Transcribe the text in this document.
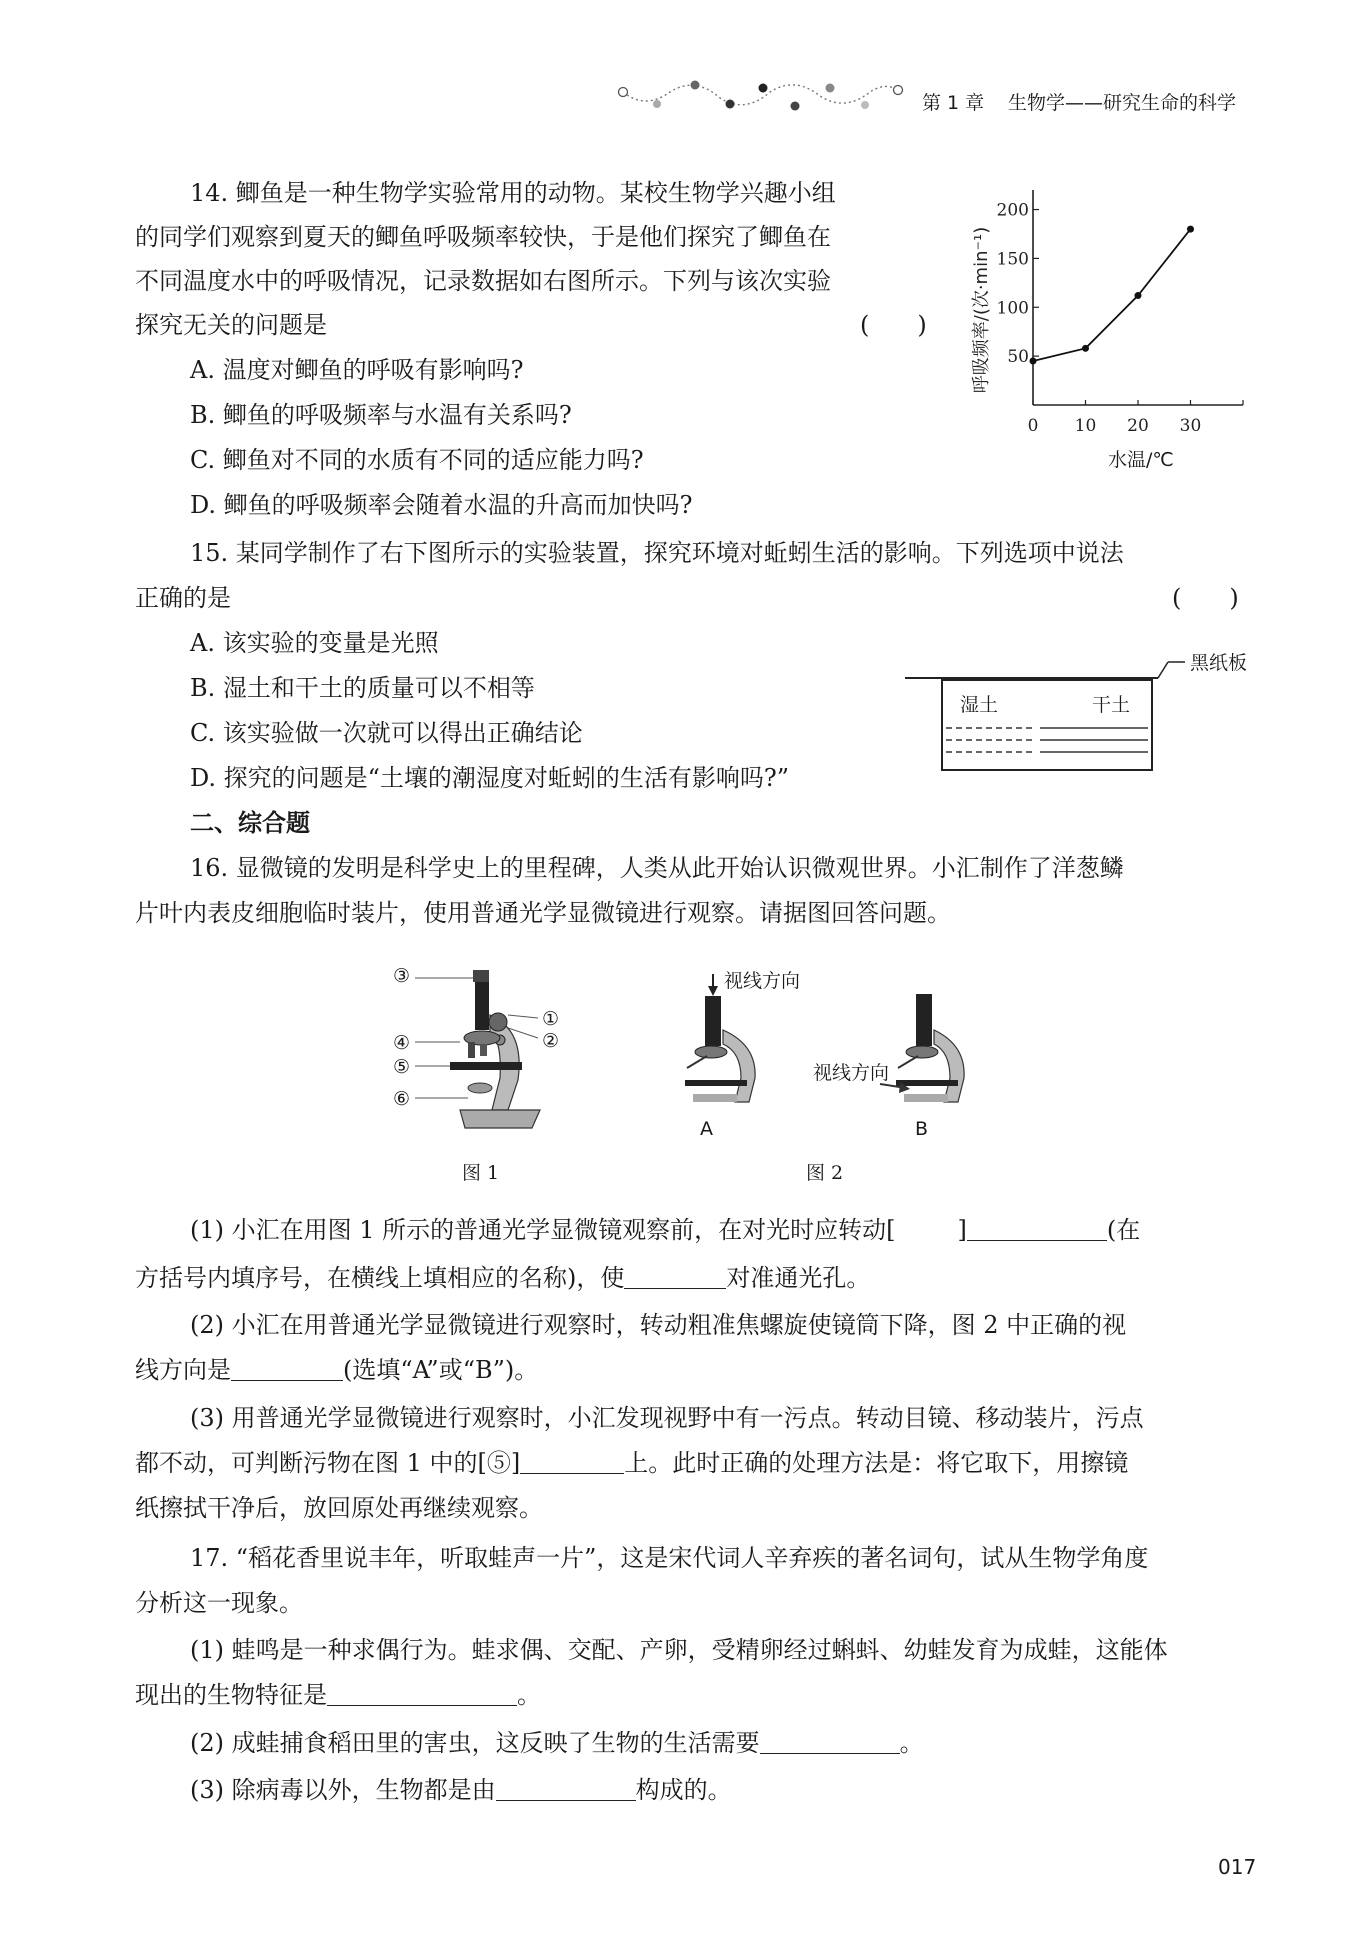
第 1 章 生物学——研究生命的科学
14. 鲫鱼是一种生物学实验常用的动物。某校生物学兴趣小组
的同学们观察到夏天的鲫鱼呼吸频率较快，于是他们探究了鲫鱼在
不同温度水中的呼吸情况，记录数据如右图所示。下列与该次实验
探究无关的问题是	(　　)
A. 温度对鲫鱼的呼吸有影响吗?
B. 鲫鱼的呼吸频率与水温有关系吗?
C. 鲫鱼对不同的水质有不同的适应能力吗?
D. 鲫鱼的呼吸频率会随着水温的升高而加快吗?
0 10 20 30
50
100
150
200
呼吸频率/(次·min⁻¹)
水温/℃
15. 某同学制作了右下图所示的实验装置，探究环境对蚯蚓生活的影响。下列选项中说法
正确的是	(　　)
A. 该实验的变量是光照
B. 湿土和干土的质量可以不相等
C. 该实验做一次就可以得出正确结论
D. 探究的问题是“土壤的潮湿度对蚯蚓的生活有影响吗?”
黑纸板
湿土	干土
二、综合题
16. 显微镜的发明是科学史上的里程碑，人类从此开始认识微观世界。小汇制作了洋葱鳞
片叶内表皮细胞临时装片，使用普通光学显微镜进行观察。请据图回答问题。
③
①
②
④
⑤
⑥
图 1
视线方向
A
视线方向
B
图 2
(1) 小汇在用图 1 所示的普通光学显微镜观察前，在对光时应转动[	]	(在
方括号内填序号，在横线上填相应的名称)，使	对准通光孔。
(2) 小汇在用普通光学显微镜进行观察时，转动粗准焦螺旋使镜筒下降，图 2 中正确的视
线方向是	(选填“A”或“B”)。
(3) 用普通光学显微镜进行观察时，小汇发现视野中有一污点。转动目镜、移动装片，污点
都不动，可判断污物在图 1 中的[⑤]	上。此时正确的处理方法是：将它取下，用擦镜
纸擦拭干净后，放回原处再继续观察。
17. “稻花香里说丰年，听取蛙声一片”，这是宋代词人辛弃疾的著名词句，试从生物学角度
分析这一现象。
(1) 蛙鸣是一种求偶行为。蛙求偶、交配、产卵，受精卵经过蝌蚪、幼蛙发育为成蛙，这能体
现出的生物特征是	。
(2) 成蛙捕食稻田里的害虫，这反映了生物的生活需要	。
(3) 除病毒以外，生物都是由	构成的。
017
